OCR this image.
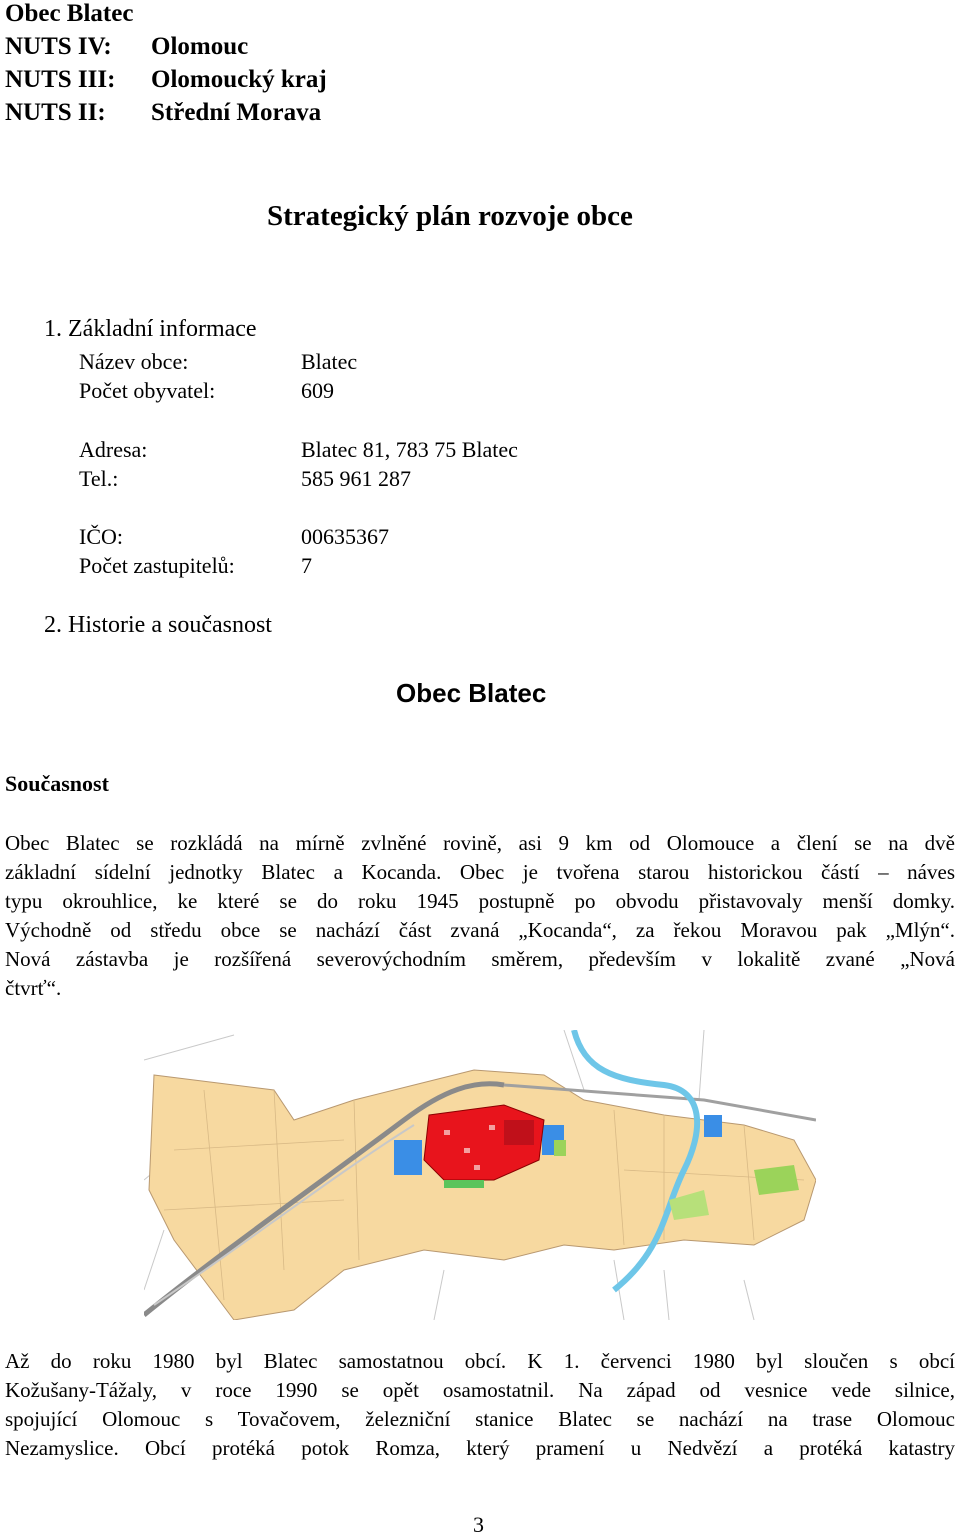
Obec Blatec
NUTS IV: Olomouc
NUTS III: Olomoucký kraj
NUTS II: Střední Morava
Strategický plán rozvoje obce
1. Základní informace
Název obce:	Blatec
Počet obyvatel:	609
Adresa:	Blatec 81, 783 75 Blatec
Tel.:	585 961 287
IČO:	00635367
Počet zastupitelů:	7
2. Historie a současnost
Obec Blatec
Současnost
Obec Blatec se rozkládá na mírně zvlněné rovině, asi 9 km od Olomouce a člení se na dvě
základní sídelní jednotky Blatec a Kocanda. Obec je tvořena starou historickou částí – náves
typu okrouhlice, ke které se do roku 1945 postupně po obvodu přistavovaly menší domky.
Východně od středu obce se nachází část zvaná „Kocanda“, za řekou Moravou pak „Mlýn“.
Nová zástavba je rozšířená severovýchodním směrem, především v lokalitě zvané „Nová
čtvrť“.
Až do roku 1980 byl Blatec samostatnou obcí. K 1. červenci 1980 byl sloučen s obcí
Kožušany-Tážaly, v roce 1990 se opět osamostatnil. Na západ od vesnice vede silnice,
spojující Olomouc s Tovačovem, železniční stanice Blatec se nachází na trase Olomouc
Nezamyslice. Obcí protéká potok Romza, který pramení u Nedvězí a protéká katastry
3
